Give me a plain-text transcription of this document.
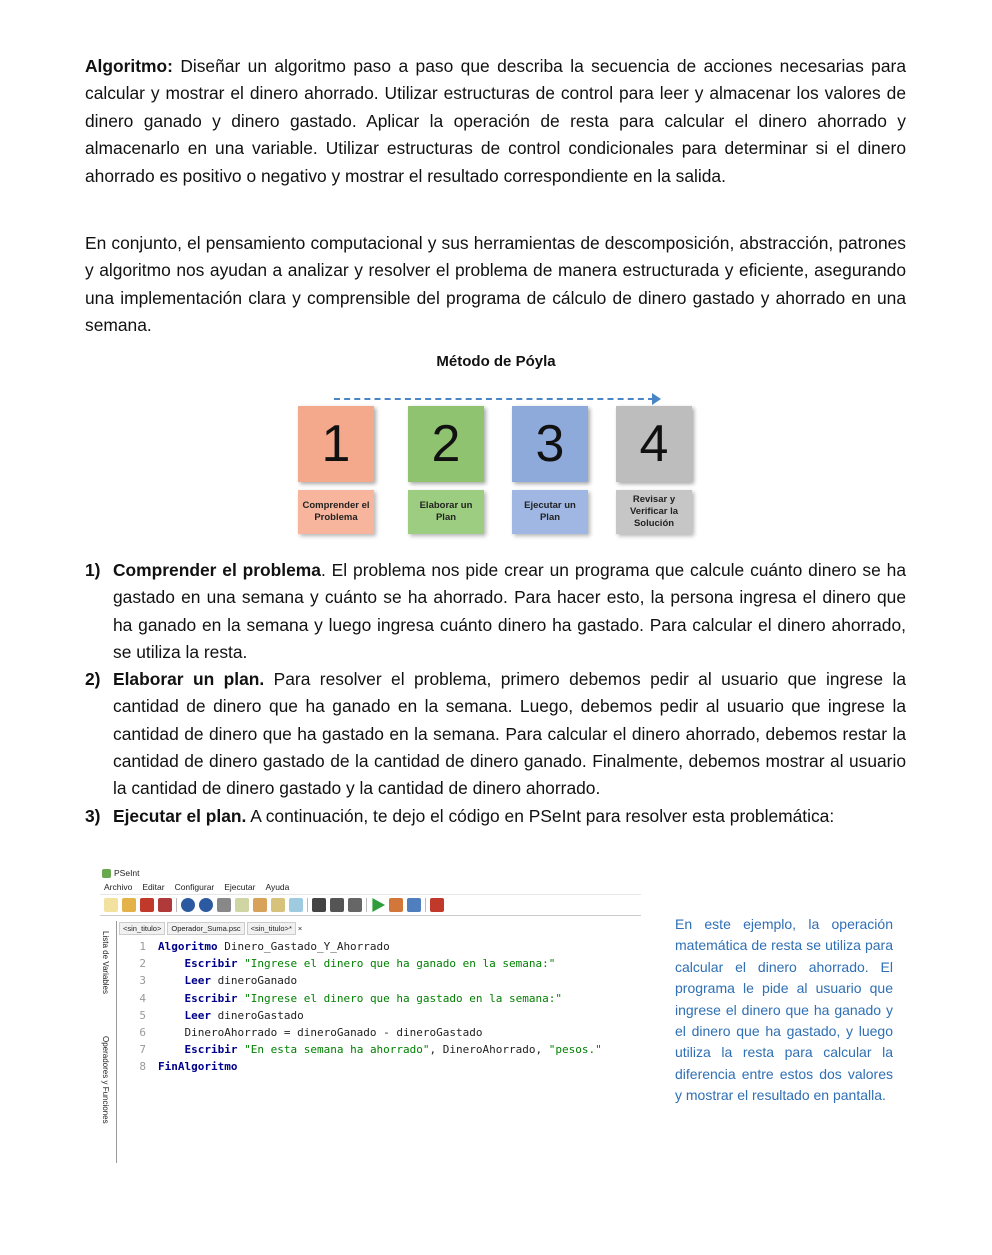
Algoritmo: Diseñar un algoritmo paso a paso que describa la secuencia de acciones necesarias para calcular y mostrar el dinero ahorrado. Utilizar estructuras de control para leer y almacenar los valores de dinero ganado y dinero gastado. Aplicar la operación de resta para calcular el dinero ahorrado y almacenarlo en una variable. Utilizar estructuras de control condicionales para determinar si el dinero ahorrado es positivo o negativo y mostrar el resultado correspondiente en la salida.

En conjunto, el pensamiento computacional y sus herramientas de descomposición, abstracción, patrones y algoritmo nos ayudan a analizar y resolver el problema de manera estructurada y eficiente, asegurando una implementación clara y comprensible del programa de cálculo de dinero gastado y ahorrado en una semana.

Método de Póyla
1
Comprender el Problema
2
Elaborar un Plan
3
Ejecutar un Plan
4
Revisar y Verificar la Solución
1) Comprender el problema. El problema nos pide crear un programa que calcule cuánto dinero se ha gastado en una semana y cuánto se ha ahorrado. Para hacer esto, la persona ingresa el dinero que ha ganado en la semana y luego ingresa cuánto dinero ha gastado. Para calcular el dinero ahorrado, se utiliza la resta.
2) Elaborar un plan. Para resolver el problema, primero debemos pedir al usuario que ingrese la cantidad de dinero que ha ganado en la semana. Luego, debemos pedir al usuario que ingrese la cantidad de dinero que ha gastado en la semana. Para calcular el dinero ahorrado, debemos restar la cantidad de dinero gastado de la cantidad de dinero ganado. Finalmente, debemos mostrar al usuario la cantidad de dinero gastado y la cantidad de dinero ahorrado.
3) Ejecutar el plan. A continuación, te dejo el código en PSeInt para resolver esta problemática:
PSeInt
Archivo Editar Configurar Ejecutar Ayuda
Lista de Variables
Operadores y Funciones
<sin_titulo>	Operador_Suma.psc	<sin_titulo>* ×
1 Algoritmo Dinero_Gastado_Y_Ahorrado
2	Escribir "Ingrese el dinero que ha ganado en la semana:"
3	Leer dineroGanado
4	Escribir "Ingrese el dinero que ha gastado en la semana:"
5	Leer dineroGastado
6	DineroAhorrado = dineroGanado - dineroGastado
7	Escribir "En esta semana ha ahorrado", DineroAhorrado, "pesos."
8 FinAlgoritmo
En este ejemplo, la operación matemática de resta se utiliza para calcular el dinero ahorrado. El programa le pide al usuario que ingrese el dinero que ha ganado y el dinero que ha gastado, y luego utiliza la resta para calcular la diferencia entre estos dos valores y mostrar el resultado en pantalla.
